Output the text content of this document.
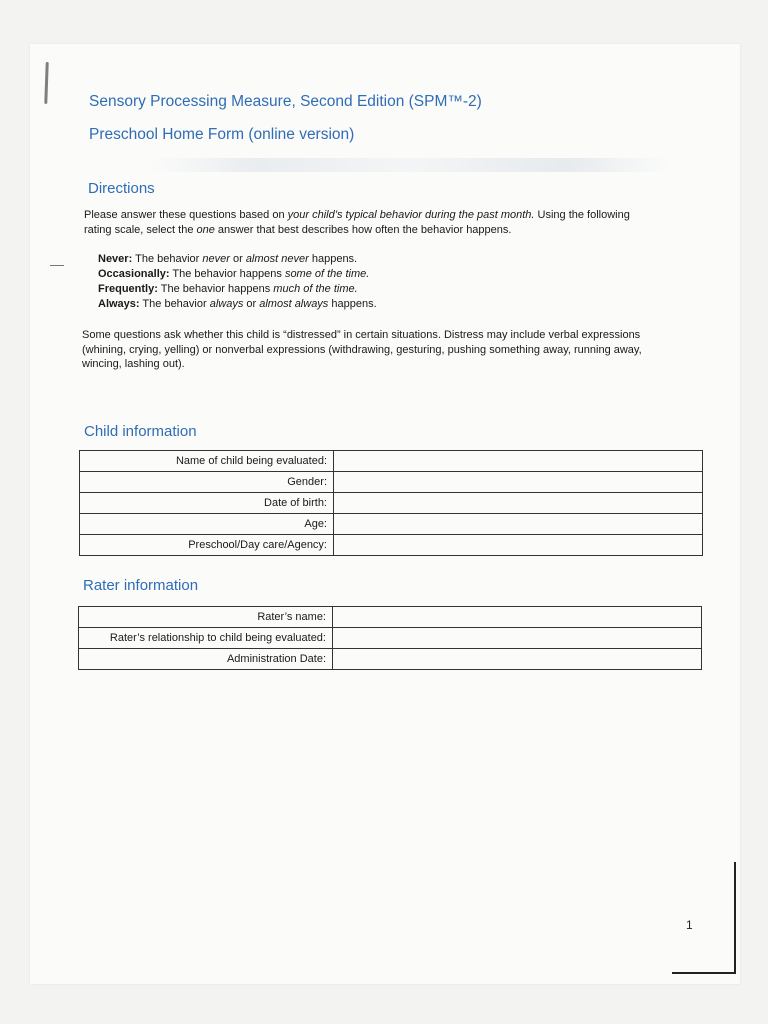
Sensory Processing Measure, Second Edition (SPM™-2)
Preschool Home Form (online version)
Directions
Please answer these questions based on your child’s typical behavior during the past month. Using the following rating scale, select the one answer that best describes how often the behavior happens.
Never: The behavior never or almost never happens.
Occasionally: The behavior happens some of the time.
Frequently: The behavior happens much of the time.
Always: The behavior always or almost always happens.
Some questions ask whether this child is “distressed” in certain situations. Distress may include verbal expressions (whining, crying, yelling) or nonverbal expressions (withdrawing, gesturing, pushing something away, running away, wincing, lashing out).
Child information
Name of child being evaluated:	
Gender:	
Date of birth:	
Age:	
Preschool/Day care/Agency:	
Rater information
Rater’s name:	
Rater’s relationship to child being evaluated:	
Administration Date:	
1
